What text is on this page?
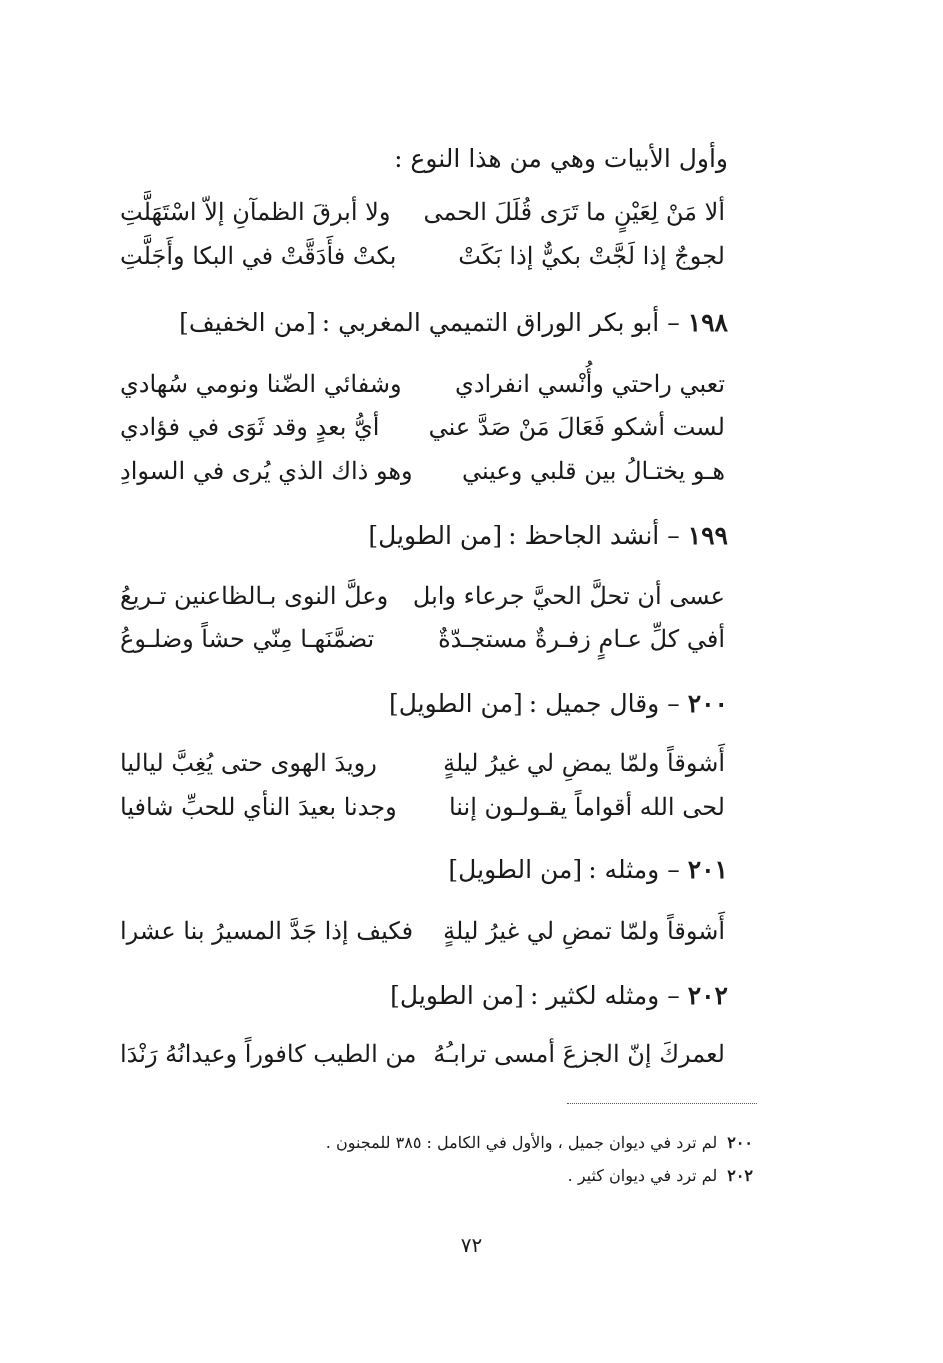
وأول الأبيات وهي من هذا النوع :
ألا مَنْ لِعَيْنٍ ما تَرَى قُلَلَ الحمى
ولا أبرقَ الظمآنِ إلاّ اسْتَهَلَّتِ
لجوجٌ إذا لَجَّتْ بكيٌّ إذا بَكَتْ
بكتْ فأَدَقَّتْ في البكا وأَجَلَّتِ
١٩٨– أبو بكر الوراق التميمي المغربي :[من الخفيف]
تعبي راحتي وأُنْسي انفرادي
وشفائي الضّنا ونومي سُهادي
لست أشكو فَعَالَ مَنْ صَدَّ عني
أيُّ بعدٍ وقد ثَوَى في فؤادي
هـو يختـالُ بين قلبي وعيني
وهو ذاك الذي يُرى في السوادِ
١٩٩– أنشد الجاحظ :[من الطويل]
عسى أن تحلَّ الحيَّ جرعاء وابل
وعلَّ النوى بـالظاعنين تـريعُ
أفي كلِّ عـامٍ زفـرةٌ مستجـدّةٌ
تضمَّنَهـا مِنّي حشاً وضلـوعُ
٢٠٠– وقال جميل :[من الطويل]
أَشوقاً ولمّا يمضِ لي غيرُ ليلةٍ
رويدَ الهوى حتى يُغِبَّ لياليا
لحى الله أقواماً يقـولـون إننا
وجدنا بعيدَ النأي للحبِّ شافيا
٢٠١– ومثله :[من الطويل]
أَشوقاً ولمّا تمضِ لي غيرُ ليلةٍ
فكيف إذا جَدَّ المسيرُ بنا عشرا
٢٠٢– ومثله لكثير :[من الطويل]
لعمركَ إنّ الجزعَ أمسى ترابـُهُ
من الطيب كافوراً وعيدانُهُ رَنْدَا
٢٠٠لم ترد في ديوان جميل ، والأول في الكامل : ٣٨٥ للمجنون .
٢٠٢لم ترد في ديوان كثير .
٧٢
